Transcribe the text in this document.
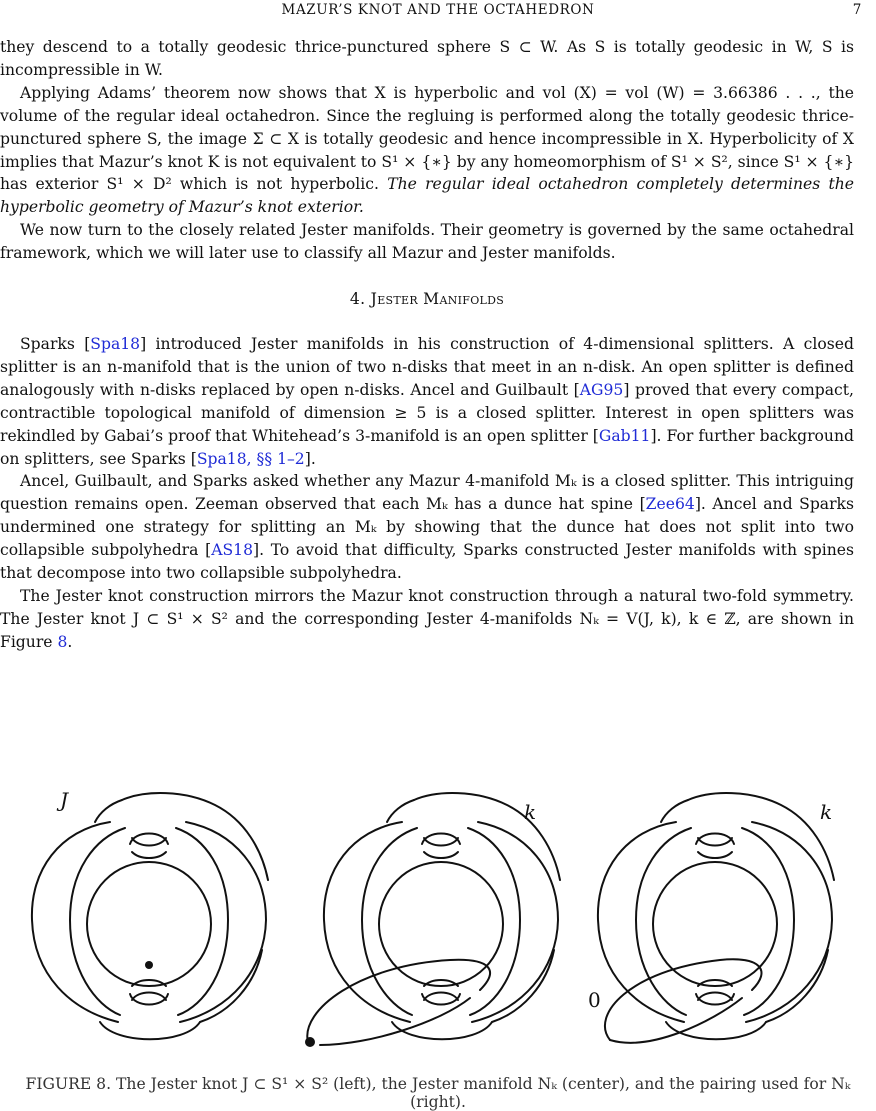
MAZUR’S KNOT AND THE OCTAHEDRON	7

they descend to a totally geodesic thrice-punctured sphere S ⊂ W. As S is totally geodesic in W, S is incompressible in W.

Applying Adams’ theorem now shows that X is hyperbolic and vol (X) = vol (W) = 3.66386 . . ., the volume of the regular ideal octahedron. Since the regluing is performed along the totally geodesic thrice-punctured sphere S, the image Σ ⊂ X is totally geodesic and hence incompressible in X. Hyperbolicity of X implies that Mazur’s knot K is not equivalent to S¹ × {∗} by any homeomorphism of S¹ × S², since S¹ × {∗} has exterior S¹ × D² which is not hyperbolic. The regular ideal octahedron completely determines the hyperbolic geometry of Mazur’s knot exterior.

We now turn to the closely related Jester manifolds. Their geometry is governed by the same octahedral framework, which we will later use to classify all Mazur and Jester manifolds.

4. Jester Manifolds

Sparks [Spa18] introduced Jester manifolds in his construction of 4-dimensional splitters. A closed splitter is an n-manifold that is the union of two n-disks that meet in an n-disk. An open splitter is defined analogously with n-disks replaced by open n-disks. Ancel and Guilbault [AG95] proved that every compact, contractible topological manifold of dimension ≥ 5 is a closed splitter. Interest in open splitters was rekindled by Gabai’s proof that Whitehead’s 3-manifold is an open splitter [Gab11]. For further background on splitters, see Sparks [Spa18, §§ 1–2].

Ancel, Guilbault, and Sparks asked whether any Mazur 4-manifold Mₖ is a closed splitter. This intriguing question remains open. Zeeman observed that each Mₖ has a dunce hat spine [Zee64]. Ancel and Sparks undermined one strategy for splitting an Mₖ by showing that the dunce hat does not split into two collapsible subpolyhedra [AS18]. To avoid that difficulty, Sparks constructed Jester manifolds with spines that decompose into two collapsible subpolyhedra.

The Jester knot construction mirrors the Mazur knot construction through a natural two-fold symmetry. The Jester knot J ⊂ S¹ × S² and the corresponding Jester 4-manifolds Nₖ = V(J, k), k ∈ ℤ, are shown in Figure 8.

J	k	k
0
FIGURE 8. The Jester knot J ⊂ S¹ × S² (left), the Jester manifold Nₖ (center), and the pairing used for Nₖ (right).
